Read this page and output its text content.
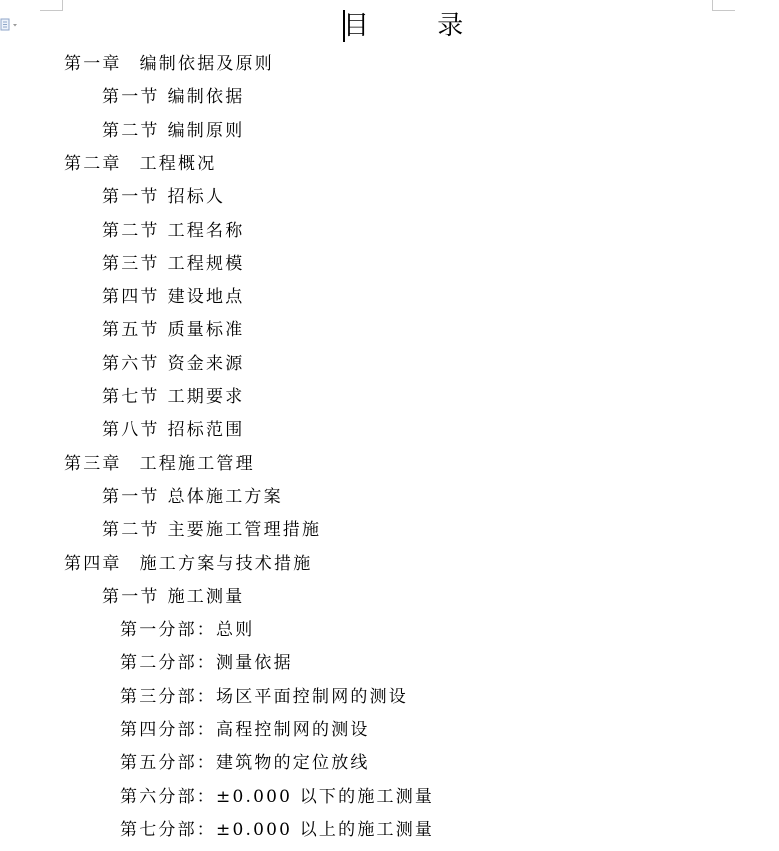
目 录
第一章 编制依据及原则
第一节 编制依据
第二节 编制原则
第二章 工程概况
第一节 招标人
第二节 工程名称
第三节 工程规模
第四节 建设地点
第五节 质量标准
第六节 资金来源
第七节 工期要求
第八节 招标范围
第三章 工程施工管理
第一节 总体施工方案
第二节 主要施工管理措施
第四章 施工方案与技术措施
第一节 施工测量
第一分部：总则
第二分部：测量依据
第三分部：场区平面控制网的测设
第四分部：高程控制网的测设
第五分部：建筑物的定位放线
第六分部：±0.000 以下的施工测量
第七分部：±0.000 以上的施工测量
